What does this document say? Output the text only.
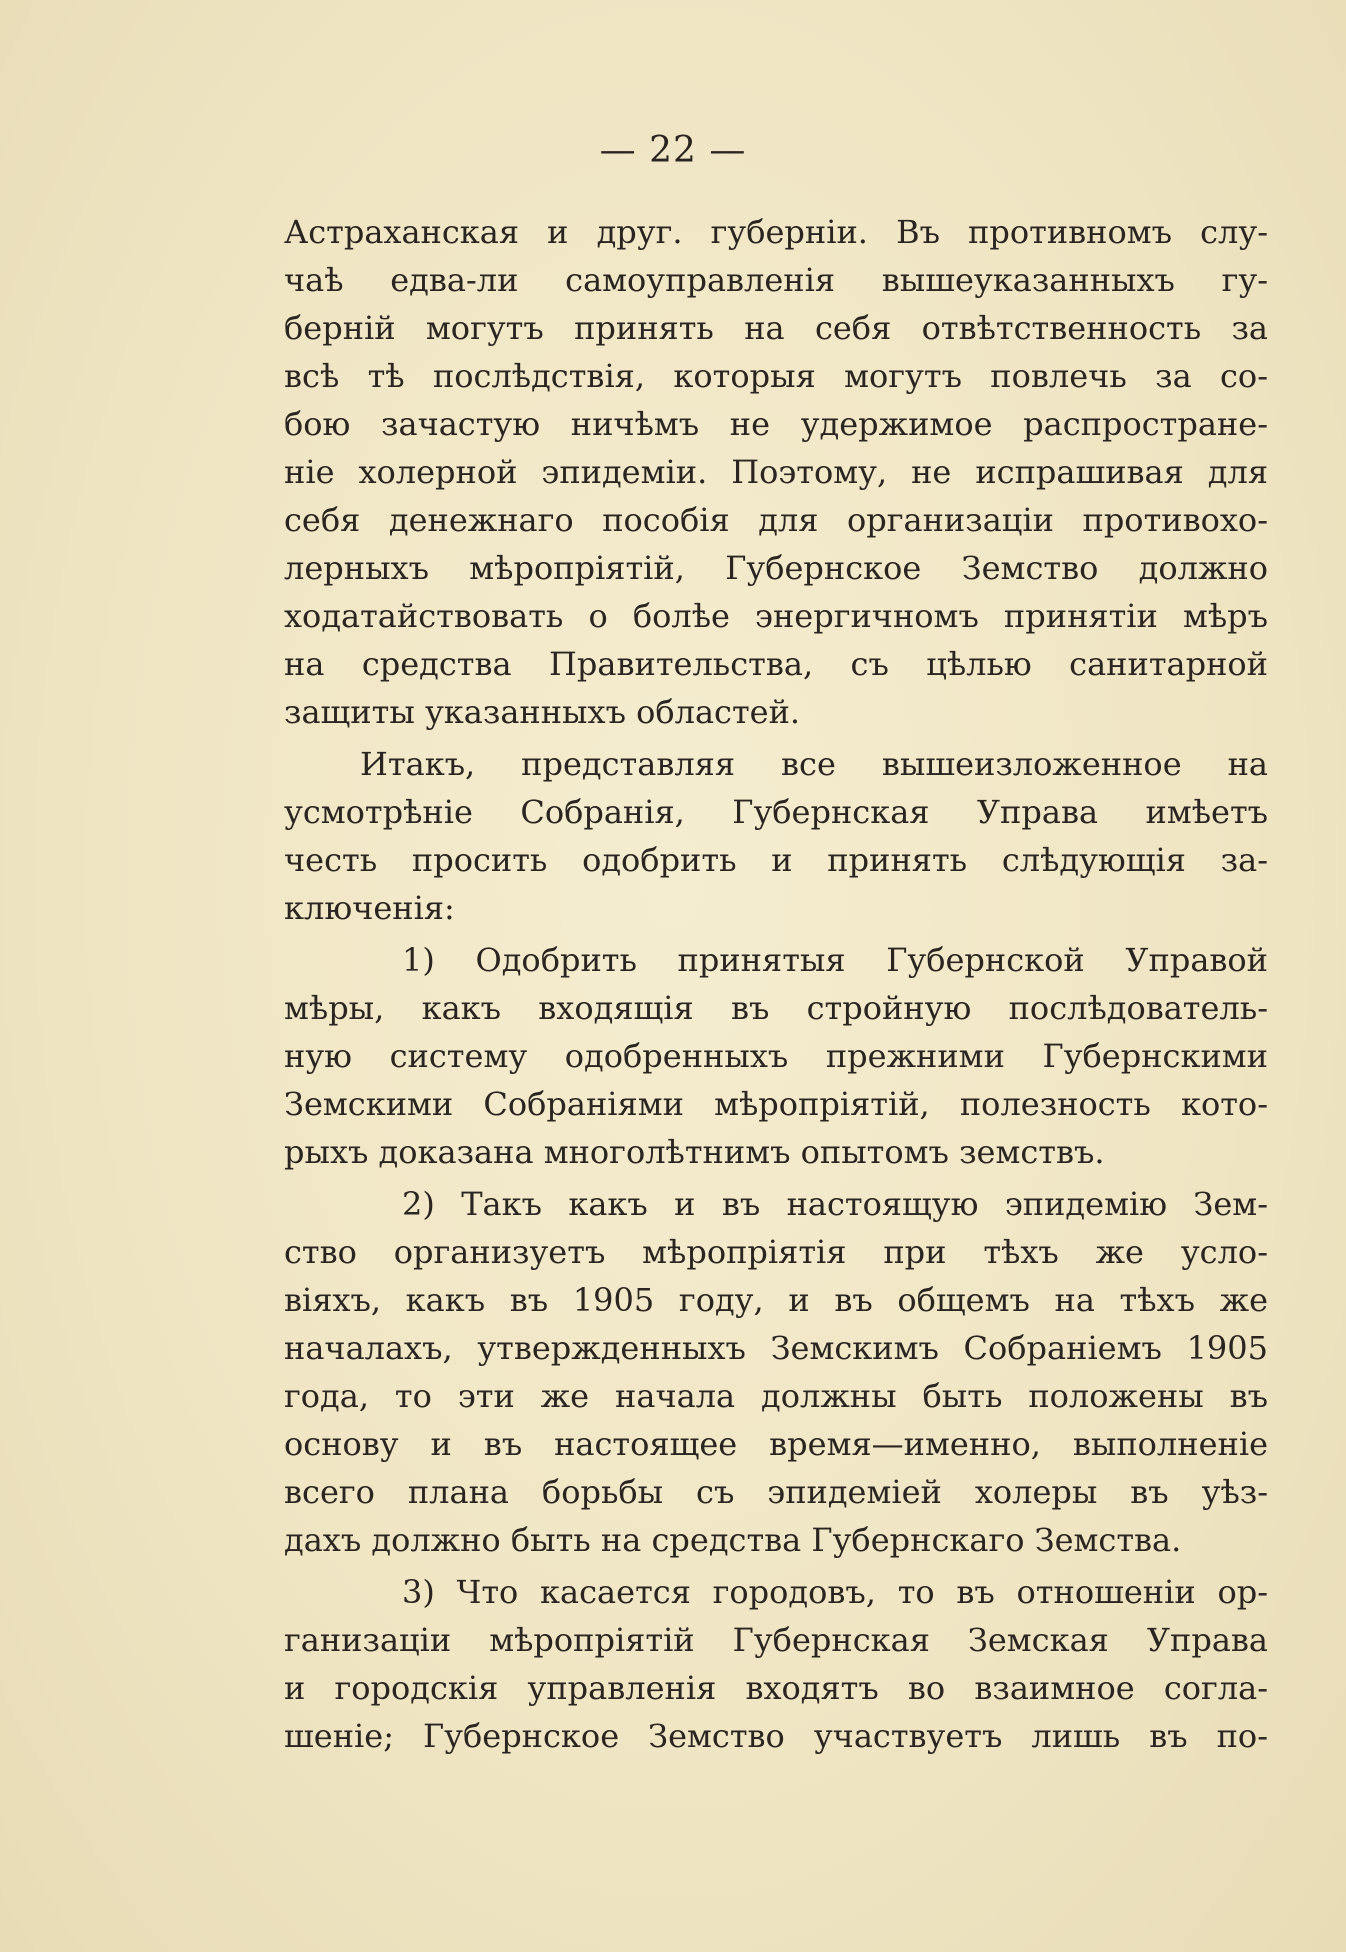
— 22 —
Астраханская и друг. губерніи. Въ противномъ слу-
чаѣ едва-ли самоуправленія вышеуказанныхъ гу-
берній могутъ принять на себя отвѣтственность за
всѣ тѣ послѣдствія, которыя могутъ повлечь за со-
бою зачастую ничѣмъ не удержимое распростране-
ніе холерной эпидеміи. Поэтому, не испрашивая для
себя денежнаго пособія для организаціи противохо-
лерныхъ мѣропріятій, Губернское Земство должно
ходатайствовать о болѣе энергичномъ принятіи мѣръ
на средства Правительства, съ цѣлью санитарной
защиты указанныхъ областей.
Итакъ, представляя все вышеизложенное на
усмотрѣніе Собранія, Губернская Управа имѣетъ
честь просить одобрить и принять слѣдующія за-
ключенія:
1) Одобрить принятыя Губернской Управой
мѣры, какъ входящія въ стройную послѣдователь-
ную систему одобренныхъ прежними Губернскими
Земскими Собраніями мѣропріятій, полезность кото-
рыхъ доказана многолѣтнимъ опытомъ земствъ.
2) Такъ какъ и въ настоящую эпидемію Зем-
ство организуетъ мѣропріятія при тѣхъ же усло-
віяхъ, какъ въ 1905 году, и въ общемъ на тѣхъ же
началахъ, утвержденныхъ Земскимъ Собраніемъ 1905
года, то эти же начала должны быть положены въ
основу и въ настоящее время—именно, выполненіе
всего плана борьбы съ эпидеміей холеры въ уѣз-
дахъ должно быть на средства Губернскаго Земства.
3) Что касается городовъ, то въ отношеніи ор-
ганизаціи мѣропріятій Губернская Земская Управа
и городскія управленія входятъ во взаимное согла-
шеніе; Губернское Земство участвуетъ лишь въ по-
